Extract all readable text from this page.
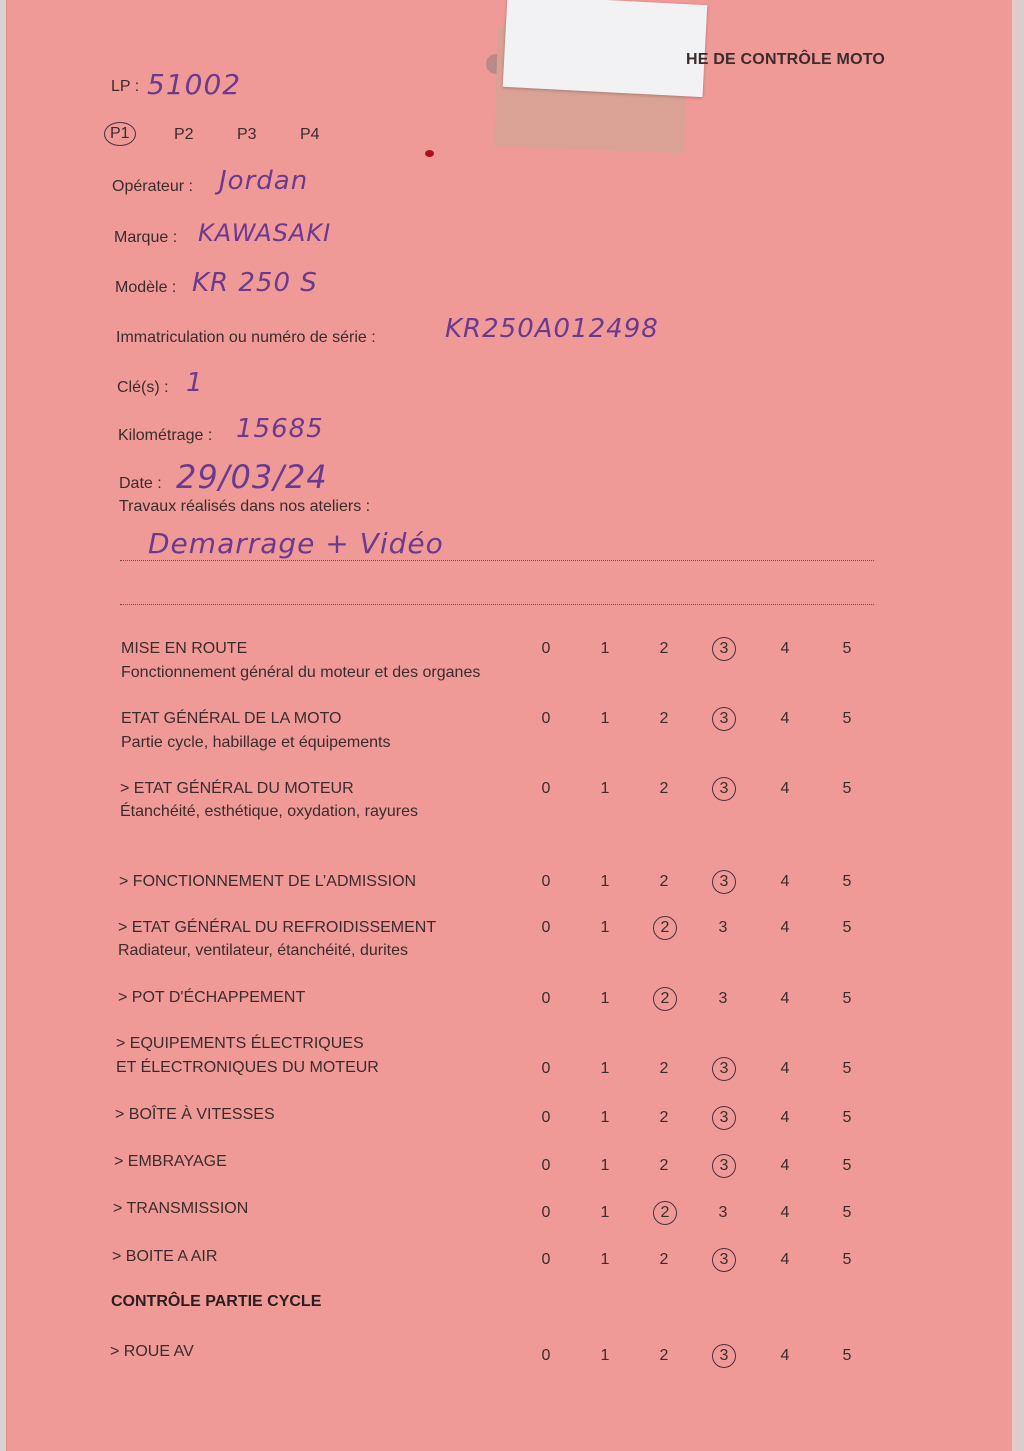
HE DE CONTRÔLE MOTO
LP : 51002
P1	P2	P3	P4
Opérateur : Jordan
Marque : KAWASAKI
Modèle : KR 250 S
Immatriculation ou numéro de série :	KR250A012498
Clé(s) : 1
Kilométrage : 15685
Date : 29/03/24
Travaux réalisés dans nos ateliers :
Demarrage + Vidéo
MISE EN ROUTE
Fonctionnement général du moteur et des organes
0	1	2	3	4	5
ETAT GÉNÉRAL DE LA MOTO
Partie cycle, habillage et équipements
0	1	2	3	4	5
> ETAT GÉNÉRAL DU MOTEUR
Étanchéité, esthétique, oxydation, rayures
0	1	2	3	4	5
> FONCTIONNEMENT DE L’ADMISSION	0	1	2	3	4	5
> ETAT GÉNÉRAL DU REFROIDISSEMENT
Radiateur, ventilateur, étanchéité, durites
0	1	2	3	4	5
> POT D'ÉCHAPPEMENT	0	1	2	3	4	5
> EQUIPEMENTS ÉLECTRIQUES
ET ÉLECTRONIQUES DU MOTEUR	0	1	2	3	4	5
> BOÎTE À VITESSES	0	1	2	3	4	5
> EMBRAYAGE	0	1	2	3	4	5
> TRANSMISSION	0	1	2	3	4	5
> BOITE A AIR	0	1	2	3	4	5
> ROUE AV	0	1	2	3	4	5
CONTRÔLE PARTIE CYCLE
